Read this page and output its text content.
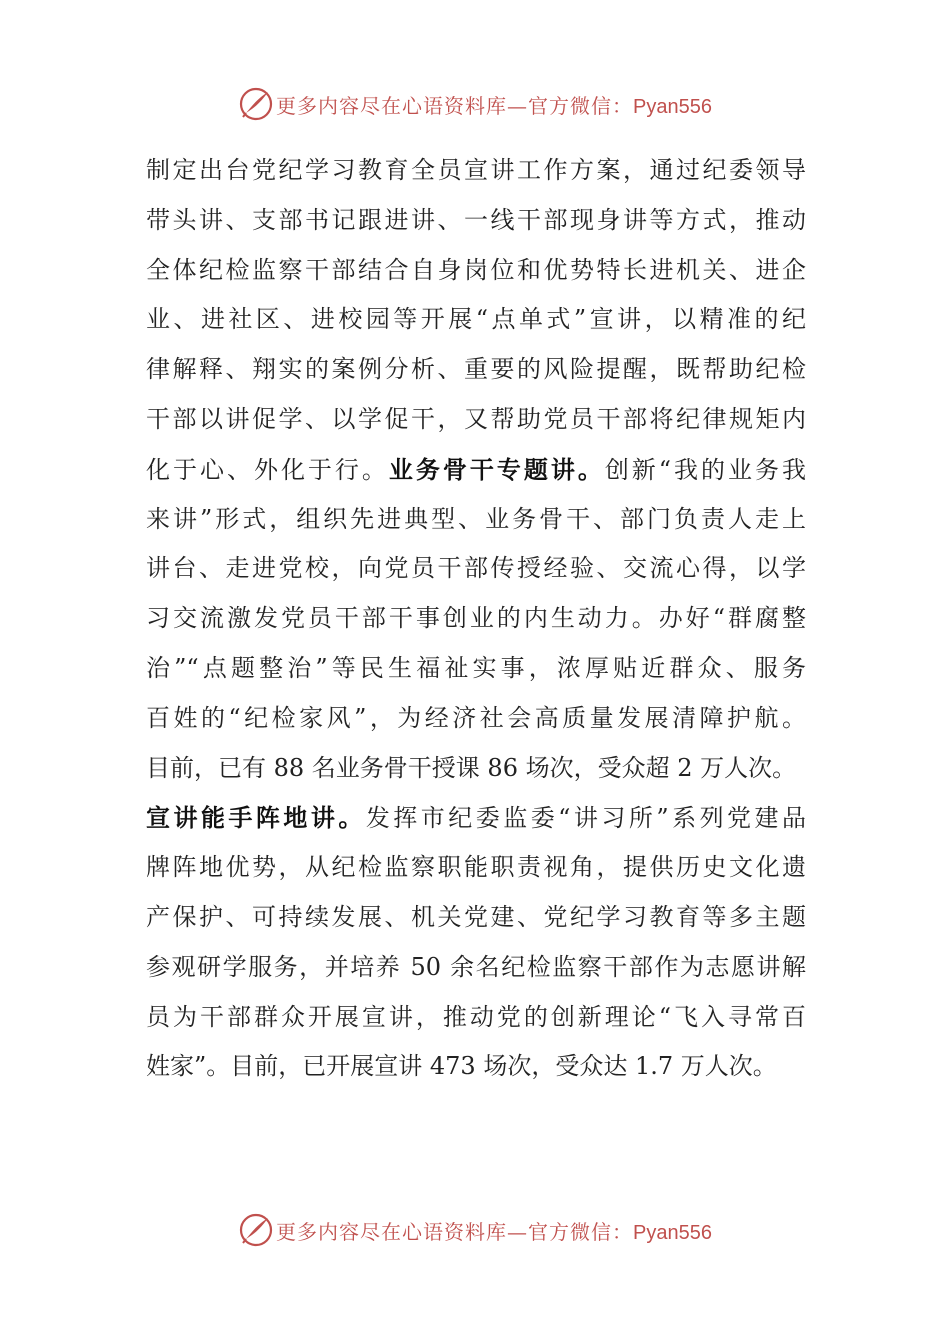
更多内容尽在心语资料库—官方微信：Pyan556
制定出台党纪学习教育全员宣讲工作方案，通过纪委领导
带头讲、支部书记跟进讲、一线干部现身讲等方式，推动
全体纪检监察干部结合自身岗位和优势特长进机关、进企
业、进社区、进校园等开展“点单式”宣讲，以精准的纪
律解释、翔实的案例分析、重要的风险提醒，既帮助纪检
干部以讲促学、以学促干，又帮助党员干部将纪律规矩内
化于心、外化于行。业务骨干专题讲。创新“我的业务我
来讲”形式，组织先进典型、业务骨干、部门负责人走上
讲台、走进党校，向党员干部传授经验、交流心得，以学
习交流激发党员干部干事创业的内生动力。办好“群腐整
治”“点题整治”等民生福祉实事，浓厚贴近群众、服务
百姓的“纪检家风”，为经济社会高质量发展清障护航。
目前，已有 88 名业务骨干授课 86 场次，受众超 2 万人次。
宣讲能手阵地讲。发挥市纪委监委“讲习所”系列党建品
牌阵地优势，从纪检监察职能职责视角，提供历史文化遗
产保护、可持续发展、机关党建、党纪学习教育等多主题
参观研学服务，并培养 50 余名纪检监察干部作为志愿讲解
员为干部群众开展宣讲，推动党的创新理论“飞入寻常百
姓家”。目前，已开展宣讲 473 场次，受众达 1.7 万人次。
更多内容尽在心语资料库—官方微信：Pyan556
